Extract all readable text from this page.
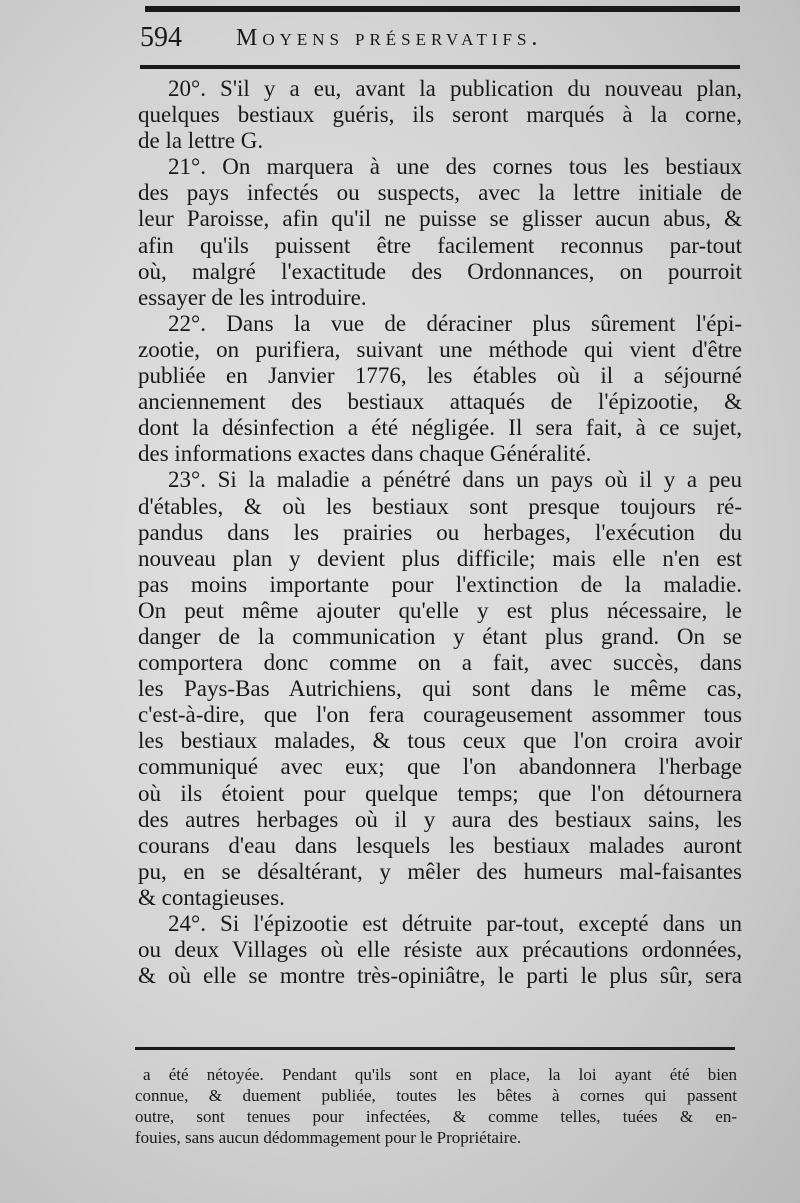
594 Moyens préservatifs.

20°. S'il y a eu, avant la publication du nouveau plan,
quelques bestiaux guéris, ils seront marqués à la corne,
de la lettre G.

21°. On marquera à une des cornes tous les bestiaux
des pays infectés ou suspects, avec la lettre initiale de
leur Paroisse, afin qu'il ne puisse se glisser aucun abus, &
afin qu'ils puissent être facilement reconnus par-tout
où, malgré l'exactitude des Ordonnances, on pourroit
essayer de les introduire.

22°. Dans la vue de déraciner plus sûrement l'épi-
zootie, on purifiera, suivant une méthode qui vient d'être
publiée en Janvier 1776, les étables où il a séjourné
anciennement des bestiaux attaqués de l'épizootie, &
dont la désinfection a été négligée. Il sera fait, à ce sujet,
des informations exactes dans chaque Généralité.

23°. Si la maladie a pénétré dans un pays où il y a peu
d'étables, & où les bestiaux sont presque toujours ré-
pandus dans les prairies ou herbages, l'exécution du
nouveau plan y devient plus difficile; mais elle n'en est
pas moins importante pour l'extinction de la maladie.
On peut même ajouter qu'elle y est plus nécessaire, le
danger de la communication y étant plus grand. On se
comportera donc comme on a fait, avec succès, dans
les Pays-Bas Autrichiens, qui sont dans le même cas,
c'est-à-dire, que l'on fera courageusement assommer tous
les bestiaux malades, & tous ceux que l'on croira avoir
communiqué avec eux; que l'on abandonnera l'herbage
où ils étoient pour quelque temps; que l'on détournera
des autres herbages où il y aura des bestiaux sains, les
courans d'eau dans lesquels les bestiaux malades auront
pu, en se désaltérant, y mêler des humeurs mal-faisantes
& contagieuses.

24°. Si l'épizootie est détruite par-tout, excepté dans un
ou deux Villages où elle résiste aux précautions ordonnées,
& où elle se montre très-opiniâtre, le parti le plus sûr, sera

a été nétoyée. Pendant qu'ils sont en place, la loi ayant été bien
connue, & duement publiée, toutes les bêtes à cornes qui passent
outre, sont tenues pour infectées, & comme telles, tuées & en-
fouies, sans aucun dédommagement pour le Propriétaire.
